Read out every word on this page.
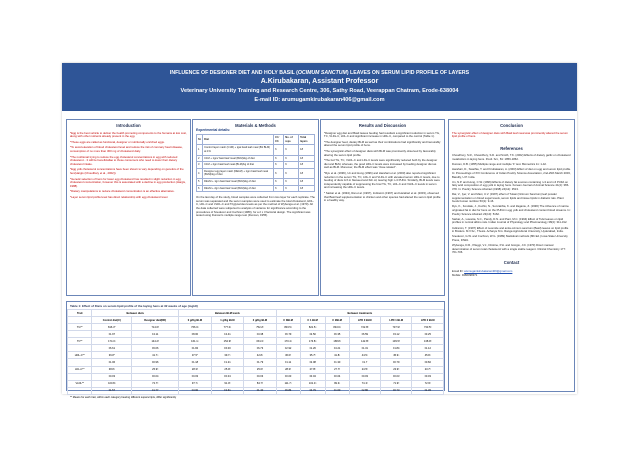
INFLUENCE OF DESIGNER DIET AND HOLY BASIL (OCIMUM SANCTUM) LEAVES ON SERUM LIPID PROFILE OF LAYERS
A.Kirubakaran, Assistant Professor
Veterinary University Training and Research Centre, 306, Sathy Road, Veerappan Chatram, Erode-638004
E-mail ID: arumugamkirubakaran406@gmail.com
Introduction

*Egg is the best vehicle to deliver the health promoting components to the humans at low cost, along with other nutrients already present in the egg.

*These eggs are called as functional, designer or nutritionally enriched eggs.

*To avoid elevation of blood cholesterol level and reduce the risk of coronary heart disease, consumption of no more than 300 mg of cholesterol daily.

*The nutritional trying to reduce the egg cholesterol concentrations in egg with reduced cholesterol... It will be beneficiallao to those consumers who need to lower their dietary cholesterol intake.

*Egg yolk cholesterol concentrations have been shown to vary depending on genetics of the hen(Hargis (Choudhary et al., 2002)).

*Genetic selection of hens for lower egg cholesterol has resulted in slight reduction in egg cholesterol concentration, however this is associated with a decline in egg production (Hargis, 1988).

*Dietary manipulations to reduce cholesterol concentration is an effective alternative.

*Layer serum lipid profile level has direct relationship with egg cholesterol level.

Materials & Methods
Experimental details:
Sl.	Diet	CI / C3	No. of reps	Total layers
1	Control layer mash (C1M) + tgai basil leaf meal (B1 BLM) at 1%	6	6	18
2	C1M + 1gm/ basil leaf meal (BLM)/kg of diet	6	6	18
3	C1M + 2gm basil leaf meal (BLM)/kg of diet	6	6	18
4	Designer egg layer mash (DELM) + 1gm basil leaf meal (BLM)/kg of diet	6	6	18
5	DELM + 1gm basil leaf meal (BLM)/kg of diet	6	6	18
6	DELM + 2gm basil leaf meal (BLM)/kg of diet	6	6	18

On the last day of the study, blood samples were collected from two layer for each replicate. The serum was separated and the serum samples were used to estimate the total cholesterol, HDL-C, LDL-C and VLDL-C and Triglycerides levels as per the method of Wybenga et al. (1970). All the data collected were subjected to analysis of variance for significance according to the procedures of Snedecor and Cochran (1989), for a 2 x 3 factorial design. The significant was tested using Duncan's multiple range test (Duncan, 1955).

Results and Discussion

*Designer egg diet and Basil leaves feeding had resultant a significant reduction in serum TG, TC, VLDL-C, LDL-C and significant increase in HDL-C, compared to the control (Table 1).

*The designer feed, dietary BLM as well as their combinations had significantly and favourably altered the serum lipid profile of hens.

*The synergistic effect of designer diets with BLM was prominently observed by favourably altering the serum lipid profile.

*The fed TG, TC, VLDL-C and LDL-C levels were significantly reduced both by the designer diet and BLM, whereas, the good HDL-C levels were increased by feeding designer diet as well as BLM. Moreover, the BLM effect was "dose related".

*Ryu et al. (1996), Un and Hung (1996) and Harahari et al. (2003) also reported significant reduction in the serum TG, TC, LDL-C and VLDL-C with elevated serum HDL-C levels, due to feeding of diets rich in flaxseed and fish oil, leaving high n-3 PUFA. Similarly, BLM levels were independently capable of suppressing the fowl TG, TC, LDL-C and VLDL-C levels in serum and increasing the HDL-C levels.

* Sarkar et al. (1994), Rai et al. (1997), Indiramin (1997) and Harahari et al. (2003), observed that Basil leaf supplementation to chicken and other species had altered the serum lipid profile in a healthy way.

Conclusion

The synergistic effect of designer diets with Basil leaf meal was prominently altered the serum lipid profile of hens.

References

Choudhury, S.R., Chowdhury, S.D. and Smith, T.K. (2002) Effects of dietary garlic on cholesterol metabolism in laying hens. Poult. Sci., 81: 1856-1862.

Duncan, D.B. (1955) Multiple range and multiple 'F' test. Biometrics 11: 1-42.

Harahari, D., Swathia, T. and Kirubakaran, A. (2003) Effect of diet on egg and serum lipid profile. In: Proceedings of XXI Conference of Indian Poultry Science Association, 2nd-29th March 2003, Bareilly, U.P. India.

Un, N.P. and Hung, C.W. (1996) Effects of dietary fat sources containing n-3 and n-6 PUFA on fatty acid composition of egg yolk in laying hens. Korean Journal of Animal Science 41(4): 365-378. In: Poultry Science Abstract (1998) 24(12): 3513.

Rai, V., Iyer, V. and Mani, U.V. (1997) effect of Tulasi (Ocimum Sanctum) leaf powder supplementation on blood sugar levels, serum lipids and tissue lipids in diabetic rats. Plant foods human nutrition 50(1): 9-16.

Ryu, K., Kondale, J., Kuchiv, N., Sonzakhia, K. and Zaganie, Z. (1996) The influence of marine originated fat in diet for hens on the PUFA in egg yolk and cholesterol content blood streams. In: Poultry Science Abstract 23(10): 5162.

Sarkar, A., Lavania, S.C., Pandy, D.N. and Pant, M.C. (1994) Effect of Tulsi leaves on lipid profiles in normal albino rats. Indian Journal of Physiology and Pharmacology 38(4): 311-312.

Indiramin, T. (1997) Effect of neomide and amla ocimum sanctum (Basil) leaves on lipid profile in Broilers. M.V.Sc., Thesis. Acharya N.G. Ranga Agricultural University, Hyderabad, India.

Snedecor, G.W. and Cochran, W.G. (1989) Statistical methods (8th Ed.) Iowa State University Press, IOWA.

Wybenga, D.R., Pileggi, V.J., Dirstine, P.H. and Giorgio, J.D. (1970) Direct manual determination of serum total cholesterol with a single stable reagent. Clinical Chemistry 177: 701-706.

Contact
Email ID: arumugamkirubakaran406@gmail.com
Mobile: 9486098371
Table 1: Effect of Diets on serum lipid profile of the laying hens at 32 weeks of age (mg/dl)
Trait	Between diets		Between BLM levels			Between treatments					
	Control diet(C)	Designer diet(DD)	0 g/Kg BLM	1 g/Kg BLM	2 g/Kg BLM	C 0BLM	C 1 BLM	C 2BLM	LPD 0 BLM	LPD 1 BLM	LPD 2 BLM
TG**	816.3°	714.6ᵇ	766.0ᵃ	777.0ᵃ	752.2ᵇ	803.5ᵃ	821.5ᵃ	843.6ᵃ	722.8ᵇ	737.9ᵇ	733.5ᵇ
	±1.97	±4.11	±8.00	±4.41	±3.38	±6.79	±2.50	±6.35	±6.59	±3.12	±3.25
TC**	174.3ᵃ	144.2ᵇ	161.1ᵃ	154.9ᵇ	154.1ᵇ	170.4ᵃ	173.8ᵃ	168.8ᵃ	142.8ᵇ	139.5ᵇ	138.9ᵇ
	±6.61	±6.06	±1.84	±6.00	±6.73	±2.92	±1.26	±4.21	±1.31	±1.84	±1.12
HDL-C**	36.8°	41.7ᵃ	37.5°	39.7ᵃ	42.8ᵃ	36.0ᵇ	35.7ᵇ	41.8ᵃ	44.5ᵃ	45.9ᵃ	45.8ᵃ
	±1.06	±0.96	±1.18	±1.21	±1.79	±1.11	±2.08	±1.30	±1.7	±0.79	±0.82
LDL-C**	38.8ᵃ	25.9ᵇ	28.3ᵇ	25.9ᵇ	25.6ᵇ	28.3ᵇ	27.8ᵇ	27.7ᵇ	24.5ᵇ	23.9ᵇ	23.7ᵇ
	±0.03	±0.04	±0.03	±0.04	±0.03	±0.03	±0.04	±0.04	±0.03	±0.03	±0.03
VLDL**	100.8ᵃ	72.7ᵇ	97.7ᵃ	91.0ᵇ	84.7ᵇ	111.7ᵃ	101.3ᵃ	99.3ᵃ	74.1ᵇ	71.9ᵇ	72.9ᵇ
	±1.57	±1.77	±3.00	±2.61	±1.40	±6.84	±4.79	±1.60	±2.86	±0.73	±1.45
** Means for each trait, within each category bearing different superscripts, differ significantly
